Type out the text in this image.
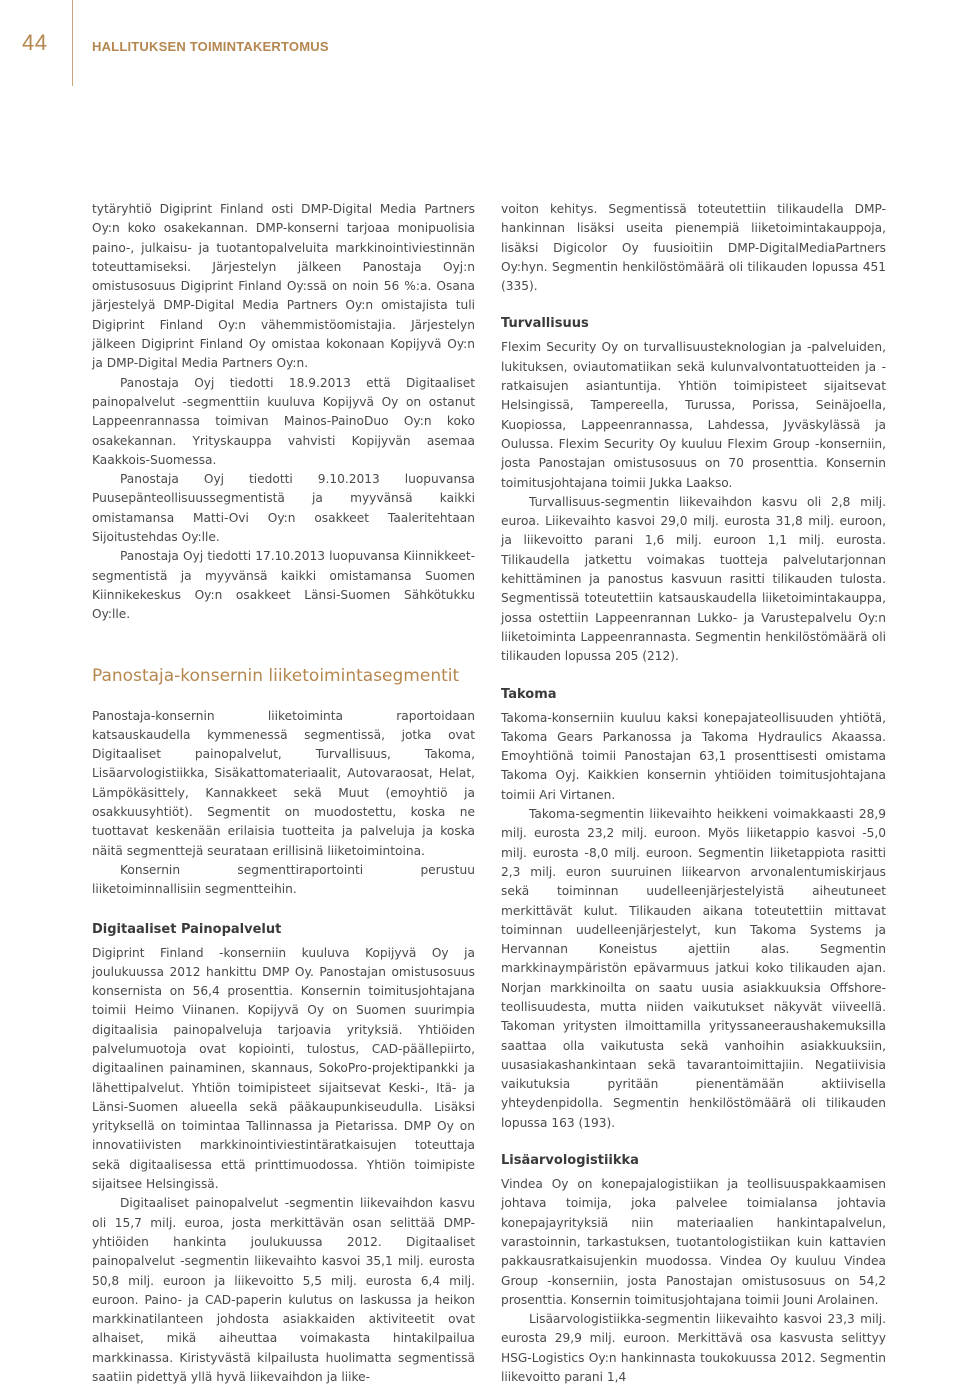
44	HALLITUKSEN TOIMINTAKERTOMUS

tytäryhtiö Digiprint Finland osti DMP-Digital Media Partners Oy:n koko osakekannan. DMP-konserni tarjoaa monipuolisia paino-, julkaisu- ja tuotantopalveluita markkinointiviestinnän toteuttamiseksi. Järjestelyn jälkeen Panostaja Oyj:n omistusosuus Digiprint Finland Oy:ssä on noin 56 %:a. Osana järjestelyä DMP-Digital Media Partners Oy:n omistajista tuli Digiprint Finland Oy:n vähemmistöomistajia. Järjestelyn jälkeen Digiprint Finland Oy omistaa kokonaan Kopijyvä Oy:n ja DMP-Digital Media Partners Oy:n.

Panostaja Oyj tiedotti 18.9.2013 että Digitaaliset painopalvelut -segmenttiin kuuluva Kopijyvä Oy on ostanut Lappeenrannassa toimivan Mainos-PainoDuo Oy:n koko osakekannan. Yrityskauppa vahvisti Kopijyvän asemaa Kaakkois-Suomessa.

Panostaja Oyj tiedotti 9.10.2013 luopuvansa Puusepänteollisuussegmentistä ja myyvänsä kaikki omistamansa Matti-Ovi Oy:n osakkeet Taaleritehtaan Sijoitustehdas Oy:lle.

Panostaja Oyj tiedotti 17.10.2013 luopuvansa Kiinnikkeet-segmentistä ja myyvänsä kaikki omistamansa Suomen Kiinnikekeskus Oy:n osakkeet Länsi-Suomen Sähkötukku Oy:lle.

Panostaja-konsernin liiketoimintasegmentit

Panostaja-konsernin liiketoiminta raportoidaan katsauskaudella kymmenessä segmentissä, jotka ovat Digitaaliset painopalvelut, Turvallisuus, Takoma, Lisäarvologistiikka, Sisäkattomateriaalit, Autovaraosat, Helat, Lämpökäsittely, Kannakkeet sekä Muut (emoyhtiö ja osakkuusyhtiöt). Segmentit on muodostettu, koska ne tuottavat keskenään erilaisia tuotteita ja palveluja ja koska näitä segmenttejä seurataan erillisinä liiketoimintoina.

Konsernin segmenttiraportointi perustuu liiketoiminnallisiin segmentteihin.

Digitaaliset Painopalvelut

Digiprint Finland -konserniin kuuluva Kopijyvä Oy ja joulukuussa 2012 hankittu DMP Oy. Panostajan omistusosuus konsernista on 56,4 prosenttia. Konsernin toimitusjohtajana toimii Heimo Viinanen. Kopijyvä Oy on Suomen suurimpia digitaalisia painopalveluja tarjoavia yrityksiä. Yhtiöiden palvelumuotoja ovat kopiointi, tulostus, CAD-päällepiirto, digitaalinen painaminen, skannaus, SokoPro-projektipankki ja lähettipalvelut. Yhtiön toimipisteet sijaitsevat Keski-, Itä- ja Länsi-Suomen alueella sekä pääkaupunkiseudulla. Lisäksi yrityksellä on toimintaa Tallinnassa ja Pietarissa. DMP Oy on innovatiivisten markkinointiviestintäratkaisujen toteuttaja sekä digitaalisessa että printtimuodossa. Yhtiön toimipiste sijaitsee Helsingissä.

Digitaaliset painopalvelut -segmentin liikevaihdon kasvu oli 15,7 milj. euroa, josta merkittävän osan selittää DMP-yhtiöiden hankinta joulukuussa 2012. Digitaaliset painopalvelut -segmentin liikevaihto kasvoi 35,1 milj. eurosta 50,8 milj. euroon ja liikevoitto 5,5 milj. eurosta 6,4 milj. euroon. Paino- ja CAD-paperin kulutus on laskussa ja heikon markkinatilanteen johdosta asiakkaiden aktiviteetit ovat alhaiset, mikä aiheuttaa voimakasta hintakilpailua markkinassa. Kiristyvästä kilpailusta huolimatta segmentissä saatiin pidettyä yllä hyvä liikevaihdon ja liike-

voiton kehitys. Segmentissä toteutettiin tilikaudella DMP-hankinnan lisäksi useita pienempiä liiketoimintakauppoja, lisäksi Digicolor Oy fuusioitiin DMP-DigitalMediaPartners Oy:hyn. Segmentin henkilöstömäärä oli tilikauden lopussa 451 (335).

Turvallisuus

Flexim Security Oy on turvallisuusteknologian ja -palveluiden, lukituksen, oviautomatiikan sekä kulunvalvontatuotteiden ja -ratkaisujen asiantuntija. Yhtiön toimipisteet sijaitsevat Helsingissä, Tampereella, Turussa, Porissa, Seinäjoella, Kuopiossa, Lappeenrannassa, Lahdessa, Jyväskylässä ja Oulussa. Flexim Security Oy kuuluu Flexim Group -konserniin, josta Panostajan omistusosuus on 70 prosenttia. Konsernin toimitusjohtajana toimii Jukka Laakso.

Turvallisuus-segmentin liikevaihdon kasvu oli 2,8 milj. euroa. Liikevaihto kasvoi 29,0 milj. eurosta 31,8 milj. euroon, ja liikevoitto parani 1,6 milj. euroon 1,1 milj. eurosta. Tilikaudella jatkettu voimakas tuotteja palvelutarjonnan kehittäminen ja panostus kasvuun rasitti tilikauden tulosta. Segmentissä toteutettiin katsauskaudella liiketoimintakauppa, jossa ostettiin Lappeenrannan Lukko- ja Varustepalvelu Oy:n liiketoiminta Lappeenrannasta. Segmentin henkilöstömäärä oli tilikauden lopussa 205 (212).

Takoma

Takoma-konserniin kuuluu kaksi konepajateollisuuden yhtiötä, Takoma Gears Parkanossa ja Takoma Hydraulics Akaassa. Emoyhtiönä toimii Panostajan 63,1 prosenttisesti omistama Takoma Oyj. Kaikkien konsernin yhtiöiden toimitusjohtajana toimii Ari Virtanen.

Takoma-segmentin liikevaihto heikkeni voimakkaasti 28,9 milj. eurosta 23,2 milj. euroon. Myös liiketappio kasvoi -5,0 milj. eurosta -8,0 milj. euroon. Segmentin liiketappiota rasitti 2,3 milj. euron suuruinen liikearvon arvonalentumiskirjaus sekä toiminnan uudelleenjärjestelyistä aiheutuneet merkittävät kulut. Tilikauden aikana toteutettiin mittavat toiminnan uudelleenjärjestelyt, kun Takoma Systems ja Hervannan Koneistus ajettiin alas. Segmentin markkinaympäristön epävarmuus jatkui koko tilikauden ajan. Norjan markkinoilta on saatu uusia asiakkuuksia Offshore-teollisuudesta, mutta niiden vaikutukset näkyvät viiveellä. Takoman yritysten ilmoittamilla yrityssaneeraushakemuksilla saattaa olla vaikutusta sekä vanhoihin asiakkuuksiin, uusasiakashankintaan sekä tavarantoimittajiin. Negatiivisia vaikutuksia pyritään pienentämään aktiivisella yhteydenpidolla. Segmentin henkilöstömäärä oli tilikauden lopussa 163 (193).

Lisäarvologistiikka

Vindea Oy on konepajalogistiikan ja teollisuuspakkaamisen johtava toimija, joka palvelee toimialansa johtavia konepajayrityksiä niin materiaalien hankintapalvelun, varastoinnin, tarkastuksen, tuotantologistiikan kuin kattavien pakkausratkaisujenkin muodossa. Vindea Oy kuuluu Vindea Group -konserniin, josta Panostajan omistusosuus on 54,2 prosenttia. Konsernin toimitusjohtajana toimii Jouni Arolainen.

Lisäarvologistiikka-segmentin liikevaihto kasvoi 23,3 milj. eurosta 29,9 milj. euroon. Merkittävä osa kasvusta selittyy HSG-Logistics Oy:n hankinnasta toukokuussa 2012. Segmentin liikevoitto parani 1,4
